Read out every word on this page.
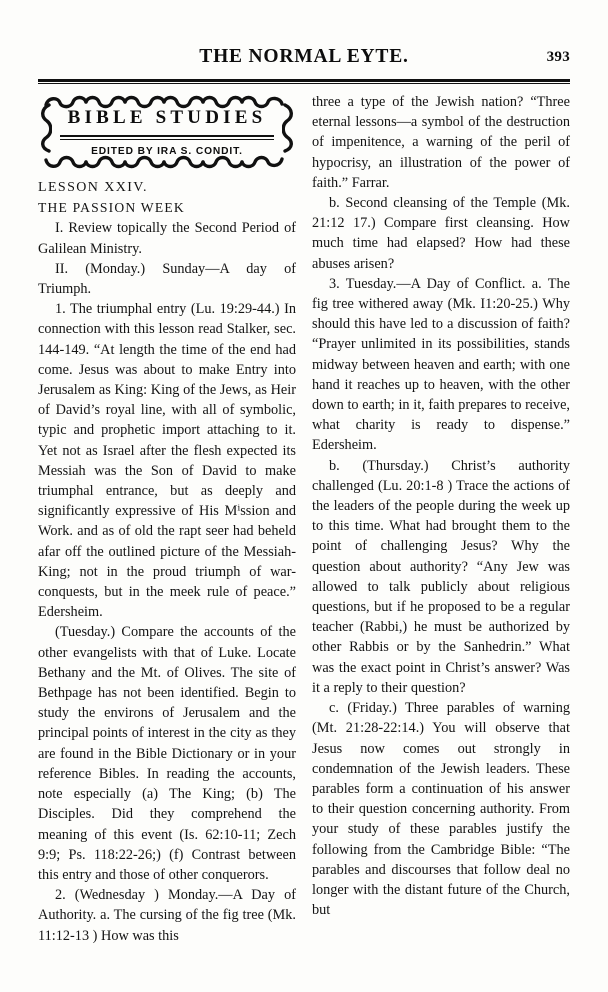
THE NORMAL EYTE.	393
BIBLE STUDIES
EDITED BY IRA S. CONDIT.

LESSON XXIV.

THE PASSION WEEK

I. Review topically the Second Period of Galilean Ministry.

II. (Monday.) Sunday—A day of Triumph.

1. The triumphal entry (Lu. 19:29-44.) In connection with this lesson read Stalker, sec. 144-149. “At length the time of the end had come. Jesus was about to make Entry into Jerusalem as King: King of the Jews, as Heir of David’s royal line, with all of symbolic, typic and prophetic import attaching to it. Yet not as Israel after the flesh expected its Messiah was the Son of David to make triumphal entrance, but as deeply and significantly expressive of His Mⁱssion and Work. and as of old the rapt seer had beheld afar off the outlined picture of the Messiah-King; not in the proud triumph of war-conquests, but in the meek rule of peace.” Edersheim.

(Tuesday.) Compare the accounts of the other evangelists with that of Luke. Locate Bethany and the Mt. of Olives. The site of Bethpage has not been identified. Begin to study the environs of Jerusalem and the principal points of interest in the city as they are found in the Bible Dictionary or in your reference Bibles. In reading the accounts, note especially (a) The King; (b) The Disciples. Did they comprehend the meaning of this event (Is. 62:10-11; Zech 9:9; Ps. 118:22-26;) (f) Contrast between this entry and those of other conquerors.

2. (Wednesday ) Monday.—A Day of Authority. a. The cursing of the fig tree (Mk. 11:12-13 ) How was this

three a type of the Jewish nation? “Three eternal lessons—a symbol of the destruction of impenitence, a warning of the peril of hypocrisy, an illustration of the power of faith.” Farrar.

b. Second cleansing of the Temple (Mk. 21:12 17.) Compare first cleansing. How much time had elapsed? How had these abuses arisen?

3. Tuesday.—A Day of Conflict. a. The fig tree withered away (Mk. I1:20-25.) Why should this have led to a discussion of faith? “Prayer unlimited in its possibilities, stands midway between heaven and earth; with one hand it reaches up to heaven, with the other down to earth; in it, faith prepares to receive, what charity is ready to dispense.” Edersheim.

b. (Thursday.) Christ’s authority challenged (Lu. 20:1-8 ) Trace the actions of the leaders of the people during the week up to this time. What had brought them to the point of challenging Jesus? Why the question about authority? “Any Jew was allowed to talk publicly about religious questions, but if he proposed to be a regular teacher (Rabbi,) he must be authorized by other Rabbis or by the Sanhedrin.” What was the exact point in Christ’s answer? Was it a reply to their question?

c. (Friday.) Three parables of warning (Mt. 21:28-22:14.) You will observe that Jesus now comes out strongly in condemnation of the Jewish leaders. These parables form a continuation of his answer to their question concerning authority. From your study of these parables justify the following from the Cambridge Bible: “The parables and discourses that follow deal no longer with the distant future of the Church, but
